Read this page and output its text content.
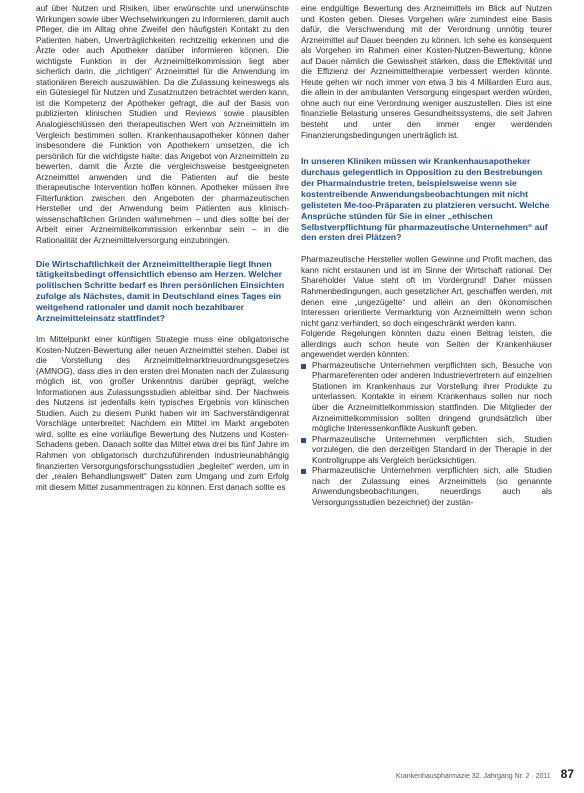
auf über Nutzen und Risiken, über erwünschte und unerwünschte Wirkungen sowie über Wechselwirkungen zu informieren, damit auch Pfleger, die im Alltag ohne Zweifel den häufigsten Kontakt zu den Patienten haben, Unverträglichkeiten rechtzeitig erkennen und die Ärzte oder auch Apotheker darüber informieren können. Die wichtigste Funktion in der Arzneimittelkommission liegt aber sicherlich darin, die „richtigen“ Arzneimittel für die Anwendung im stationären Bereich auszuwählen. Da die Zulassung keineswegs als ein Gütesiegel für Nutzen und Zusatznutzen betrachtet werden kann, ist die Kompetenz der Apotheker gefragt, die auf der Basis von publizierten klinischen Studien und Reviews sowie plausiblen Analogieschlüssen den therapeutischen Wert von Arzneimitteln im Vergleich bestimmen sollen. Krankenhausapotheker können daher insbesondere die Funktion von Apothekern umsetzen, die ich persönlich für die wichtigste halte: das Angebot von Arzneimitteln zu bewerten, damit die Ärzte die vergleichsweise bestgeeigneten Arzneimittel anwenden und die Patienten auf die beste therapeutische Intervention hoffen können. Apotheker müssen ihre Filterfunktion zwischen den Angeboten der pharmazeutischen Hersteller und der Anwendung beim Patienten aus klinisch-wissenschaftlichen Gründen wahrnehmen – und dies sollte bei der Arbeit einer Arzneimittelkommission erkennbar sein – in die Rationalität der Arzneimittelversorgung einzubringen.

Die Wirtschaftlichkeit der Arzneimitteltherapie liegt Ihnen tätigkeitsbedingt offensichtlich ebenso am Herzen. Welcher politischen Schritte bedarf es Ihren persönlichen Einsichten zufolge als Nächstes, damit in Deutschland eines Tages ein weitgehend rationaler und damit noch bezahlbarer Arzneimitteleinsatz stattfindet?

Im Mittelpunkt einer künftigen Strategie muss eine obligatorische Kosten-Nutzen-Bewertung aller neuen Arzneimittel stehen. Dabei ist die Vorstellung des Arzneimittelmarktneuordnungsgesetzes (AMNOG), dass dies in den ersten drei Monaten nach der Zulassung möglich ist, von großer Unkenntnis darüber geprägt, welche Informationen aus Zulassungsstudien ableitbar sind. Der Nachweis des Nutzens ist jedenfalls kein typisches Ergebnis von klinischen Studien. Auch zu diesem Punkt haben wir im Sachverständigenrat Vorschläge unterbreitet: Nachdem ein Mittel im Markt angeboten wird, sollte es eine vorläufige Bewertung des Nutzens und Kosten-Schadens geben. Danach sollte das Mittel etwa drei bis fünf Jahre im Rahmen von obligatorisch durchzuführenden industrieunabhängig finanzierten Versorgungsforschungsstudien „begleitet“ werden, um in der „realen Behandlungswelt“ Daten zum Umgang und zum Erfolg mit diesem Mittel zusammentragen zu können. Erst danach sollte es

eine endgültige Bewertung des Arzneimittels im Blick auf Nutzen und Kosten geben. Dieses Vorgehen wäre zumindest eine Basis dafür, die Verschwendung mit der Verordnung unnötig teurer Arzneimittel auf Dauer beenden zu können. Ich sehe es konsequent als Vorgehen im Rahmen einer Kosten-Nutzen-Bewertung, könne auf Dauer nämlich die Gewissheit stärken, dass die Effektivität und die Effizienz der Arzneimitteltherapie verbessert werden könnte. Heute gehen wir noch immer von etwa 3 bis 4 Milliarden Euro aus, die allein in der ambulanten Versorgung eingespart werden würden, ohne auch nur eine Verordnung weniger auszustellen. Dies ist eine finanzielle Belastung unseres Gesundheitssystems, die seit Jahren besteht und unter den immer enger werdenden Finanzierungsbedingungen unerträglich ist.

In unseren Kliniken müssen wir Krankenhausapotheker durchaus gelegentlich in Opposition zu den Bestrebungen der Pharmaindustrie treten, beispielsweise wenn sie kostentreibende Anwendungsbeobachtungen mit nicht gelisteten Me-too-Präparaten zu platzieren versucht. Welche Ansprüche stünden für Sie in einer „ethischen Selbstverpflichtung für pharmazeutische Unternehmen“ auf den ersten drei Plätzen?

Pharmazeutische Hersteller wollen Gewinne und Profit machen, das kann nicht erstaunen und ist im Sinne der Wirtschaft rational. Der Shareholder Value steht oft im Vordergrund! Daher müssen Rahmenbedingungen, auch gesetzlicher Art, geschaffen werden, mit denen eine „ungezügelte“ und allein an den ökonomischen Interessen orientierte Vermarktung von Arzneimitteln wenn schon nicht ganz verhindert, so doch eingeschränkt werden kann.

Folgende Regelungen könnten dazu einen Beitrag leisten, die allerdings auch schon heute von Seiten der Krankenhäuser angewendet werden könnten:

Pharmazeutische Unternehmen verpflichten sich, Besuche von Pharmareferenten oder anderen Industrievertretern auf einzelnen Stationen im Krankenhaus zur Vorstellung ihrer Produkte zu unterlassen. Kontakte in einem Krankenhaus sollen nur noch über die Arzneimittelkommission stattfinden. Die Mitglieder der Arzneimittelkommission sollten dringend grundsätzlich über mögliche Interessenkonflikte Auskunft geben.
Pharmazeutische Unternehmen verpflichten sich, Studien vorzulegen, die den derzeitigen Standard in der Therapie in der Kontrollgruppe als Vergleich berücksichtigen.
Pharmazeutische Unternehmen verpflichten sich, alle Studien nach der Zulassung eines Arzneimittels (so genannte Anwendungsbeobachtungen, neuerdings auch als Versorgungsstudien bezeichnet) der zustän-
Krankenhauspharmazie 32. Jahrgang Nr. 2 · 2011 87
